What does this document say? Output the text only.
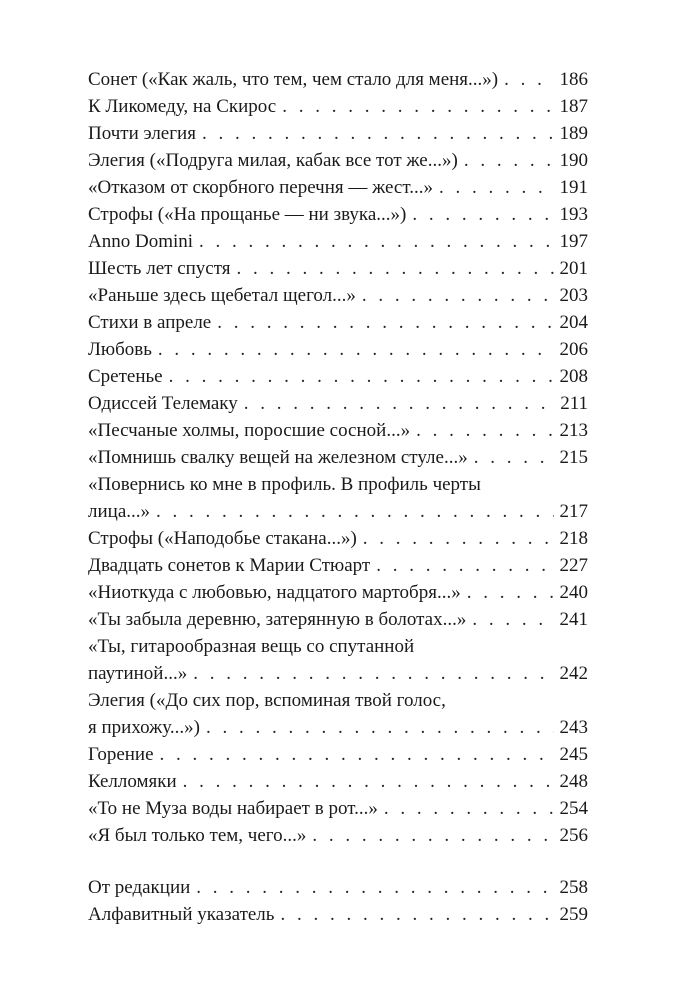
Сонет («Как жаль, что тем, чем стало для меня...») . . .	186
К Ликомеду, на Скирос . . .	187
Почти элегия . . .	189
Элегия («Подруга милая, кабак все тот же...») . . .	190
«Отказом от скорбного перечня — жест...» . . .	191
Строфы («На прощанье — ни звука...») . . .	193
Anno Domini . . .	197
Шесть лет спустя . . .	201
«Раньше здесь щебетал щегол...» . . .	203
Стихи в апреле . . .	204
Любовь . . .	206
Сретенье . . .	208
Одиссей Телемаку . . .	211
«Песчаные холмы, поросшие сосной...» . . .	213
«Помнишь свалку вещей на железном стуле...» . . .	215
«Повернись ко мне в профиль. В профиль черты
лица...» . . .	217
Строфы («Наподобье стакана...») . . .	218
Двадцать сонетов к Марии Стюарт . . .	227
«Ниоткуда с любовью, надцатого мартобря...» . . .	240
«Ты забыла деревню, затерянную в болотах...» . . .	241
«Ты, гитарообразная вещь со спутанной
паутиной...» . . .	242
Элегия («До сих пор, вспоминая твой голос,
я прихожу...») . . .	243
Горение . . .	245
Келломяки . . .	248
«То не Муза воды набирает в рот...» . . .	254
«Я был только тем, чего...» . . .	256
От редакции . . .	258
Алфавитный указатель . . .	259
